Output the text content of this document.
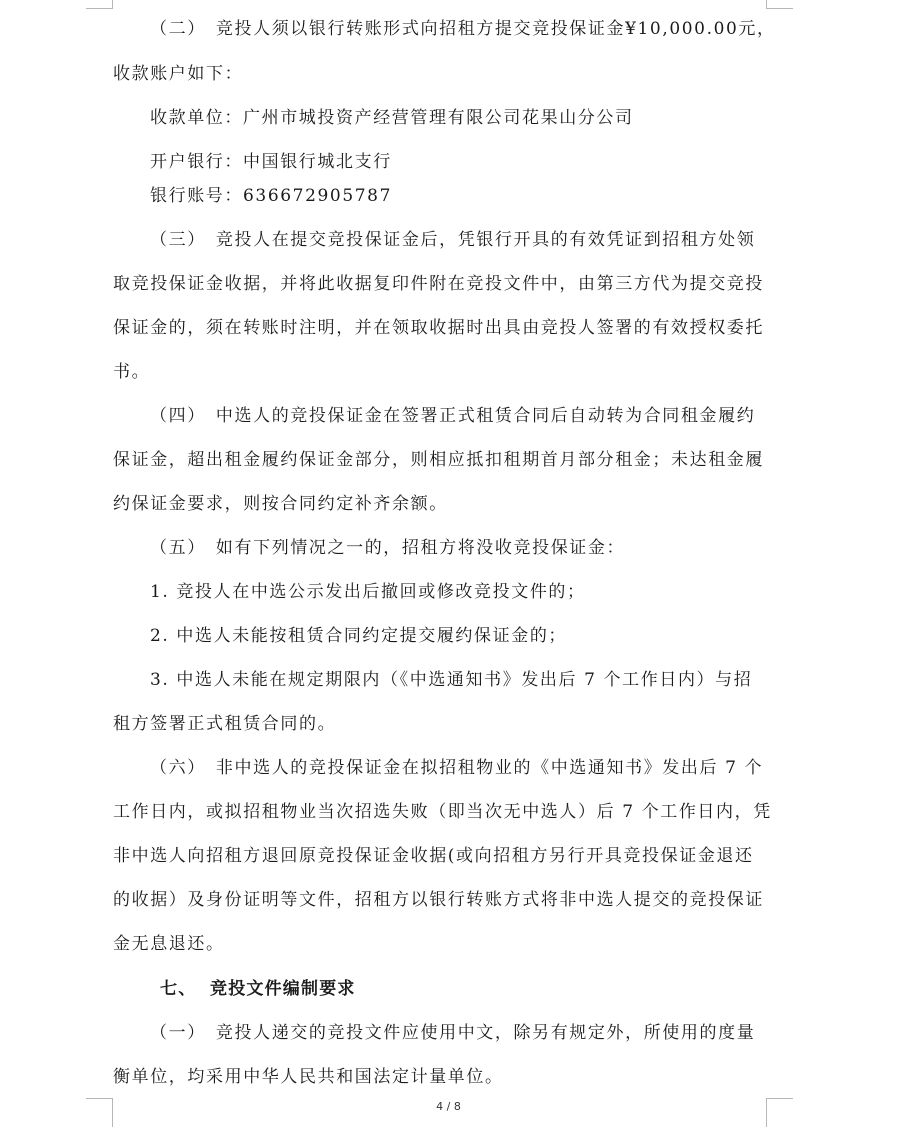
（二）　竞投人须以银行转账形式向招租方提交竞投保证金¥10,000.00元，
收款账户如下：
收款单位：广州市城投资产经营管理有限公司花果山分公司
开户银行：中国银行城北支行
银行账号：636672905787
（三）　竞投人在提交竞投保证金后，凭银行开具的有效凭证到招租方处领
取竞投保证金收据，并将此收据复印件附在竞投文件中，由第三方代为提交竞投
保证金的，须在转账时注明，并在领取收据时出具由竞投人签署的有效授权委托
书。
（四）　中选人的竞投保证金在签署正式租赁合同后自动转为合同租金履约
保证金，超出租金履约保证金部分，则相应抵扣租期首月部分租金；未达租金履
约保证金要求，则按合同约定补齐余额。
（五）　如有下列情况之一的，招租方将没收竞投保证金：
1. 竞投人在中选公示发出后撤回或修改竞投文件的；
2. 中选人未能按租赁合同约定提交履约保证金的；
3. 中选人未能在规定期限内（《中选通知书》发出后 7 个工作日内）与招
租方签署正式租赁合同的。
（六）　非中选人的竞投保证金在拟招租物业的《中选通知书》发出后 7 个
工作日内，或拟招租物业当次招选失败（即当次无中选人）后 7 个工作日内，凭
非中选人向招租方退回原竞投保证金收据(或向招租方另行开具竞投保证金退还
的收据）及身份证明等文件，招租方以银行转账方式将非中选人提交的竞投保证
金无息退还。
七、 竞投文件编制要求
（一）　竞投人递交的竞投文件应使用中文，除另有规定外，所使用的度量
衡单位，均采用中华人民共和国法定计量单位。
4 / 8
